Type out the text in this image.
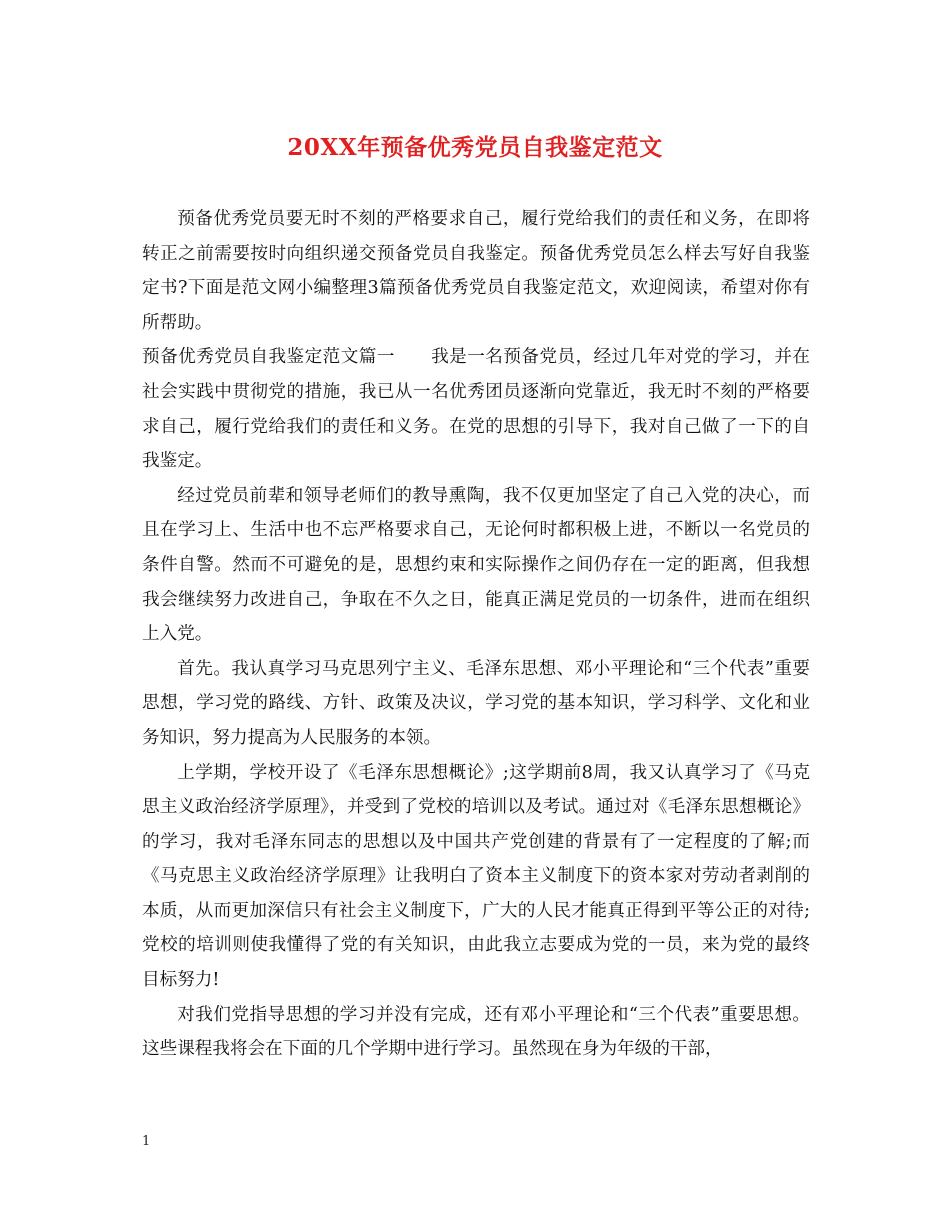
20XX年预备优秀党员自我鉴定范文

预备优秀党员要无时不刻的严格要求自己，履行党给我们的责任和义务，在即将转正之前需要按时向组织递交预备党员自我鉴定。预备优秀党员怎么样去写好自我鉴定书?下面是范文网小编整理3篇预备优秀党员自我鉴定范文，欢迎阅读，希望对你有所帮助。

预备优秀党员自我鉴定范文篇一　　我是一名预备党员，经过几年对党的学习，并在社会实践中贯彻党的措施，我已从一名优秀团员逐渐向党靠近，我无时不刻的严格要求自己，履行党给我们的责任和义务。在党的思想的引导下，我对自己做了一下的自我鉴定。

经过党员前辈和领导老师们的教导熏陶，我不仅更加坚定了自己入党的决心，而且在学习上、生活中也不忘严格要求自己，无论何时都积极上进，不断以一名党员的条件自警。然而不可避免的是，思想约束和实际操作之间仍存在一定的距离，但我想我会继续努力改进自己，争取在不久之日，能真正满足党员的一切条件，进而在组织上入党。

首先。我认真学习马克思列宁主义、毛泽东思想、邓小平理论和“三个代表”重要思想，学习党的路线、方针、政策及决议，学习党的基本知识，学习科学、文化和业务知识，努力提高为人民服务的本领。

上学期，学校开设了《毛泽东思想概论》;这学期前8周，我又认真学习了《马克思主义政治经济学原理》，并受到了党校的培训以及考试。通过对《毛泽东思想概论》的学习，我对毛泽东同志的思想以及中国共产党创建的背景有了一定程度的了解;而《马克思主义政治经济学原理》让我明白了资本主义制度下的资本家对劳动者剥削的本质，从而更加深信只有社会主义制度下，广大的人民才能真正得到平等公正的对待;党校的培训则使我懂得了党的有关知识，由此我立志要成为党的一员，来为党的最终目标努力!

对我们党指导思想的学习并没有完成，还有邓小平理论和“三个代表”重要思想。这些课程我将会在下面的几个学期中进行学习。虽然现在身为年级的干部，

1
